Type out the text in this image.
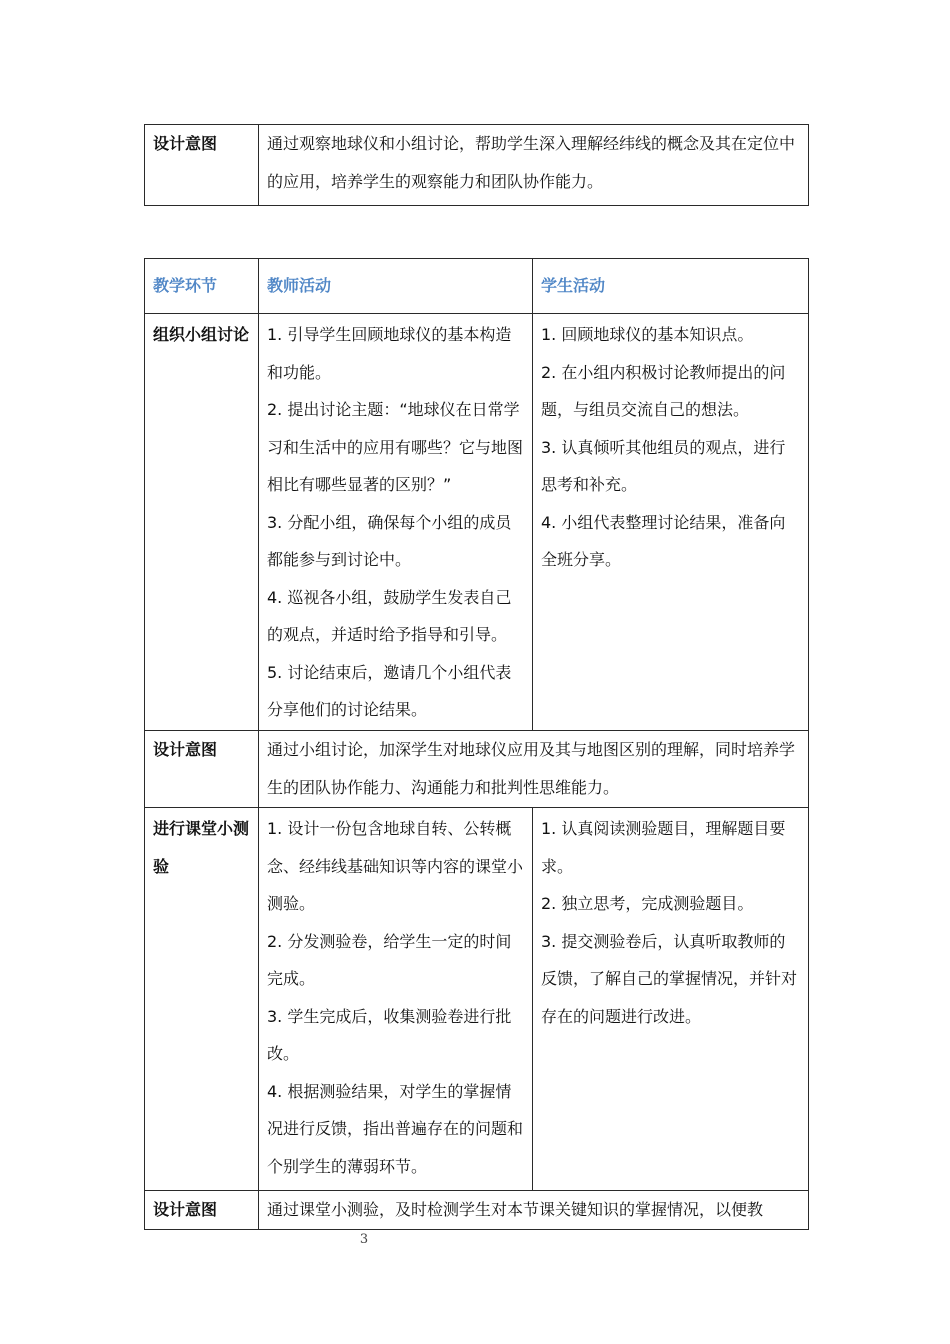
设计意图	通过观察地球仪和小组讨论，帮助学生深入理解经纬线的概念及其在定位中的应用，培养学生的观察能力和团队协作能力。
教学环节	教师活动	学生活动
组织小组讨论	1. 引导学生回顾地球仪的基本构造和功能。
2. 提出讨论主题：“地球仪在日常学习和生活中的应用有哪些？它与地图相比有哪些显著的区别？”
3. 分配小组，确保每个小组的成员都能参与到讨论中。
4. 巡视各小组，鼓励学生发表自己的观点，并适时给予指导和引导。
5. 讨论结束后，邀请几个小组代表分享他们的讨论结果。	1. 回顾地球仪的基本知识点。
2. 在小组内积极讨论教师提出的问题，与组员交流自己的想法。
3. 认真倾听其他组员的观点，进行思考和补充。
4. 小组代表整理讨论结果，准备向全班分享。

设计意图	通过小组讨论，加深学生对地球仪应用及其与地图区别的理解，同时培养学生的团队协作能力、沟通能力和批判性思维能力。	
进行课堂小测验	1. 设计一份包含地球自转、公转概念、经纬线基础知识等内容的课堂小测验。
2. 分发测验卷，给学生一定的时间完成。
3. 学生完成后，收集测验卷进行批改。
4. 根据测验结果，对学生的掌握情况进行反馈，指出普遍存在的问题和个别学生的薄弱环节。	1. 认真阅读测验题目，理解题目要求。
2. 独立思考，完成测验题目。
3. 提交测验卷后，认真听取教师的反馈，了解自己的掌握情况，并针对存在的问题进行改进。

设计意图	通过课堂小测验，及时检测学生对本节课关键知识的掌握情况，以便教	
3
